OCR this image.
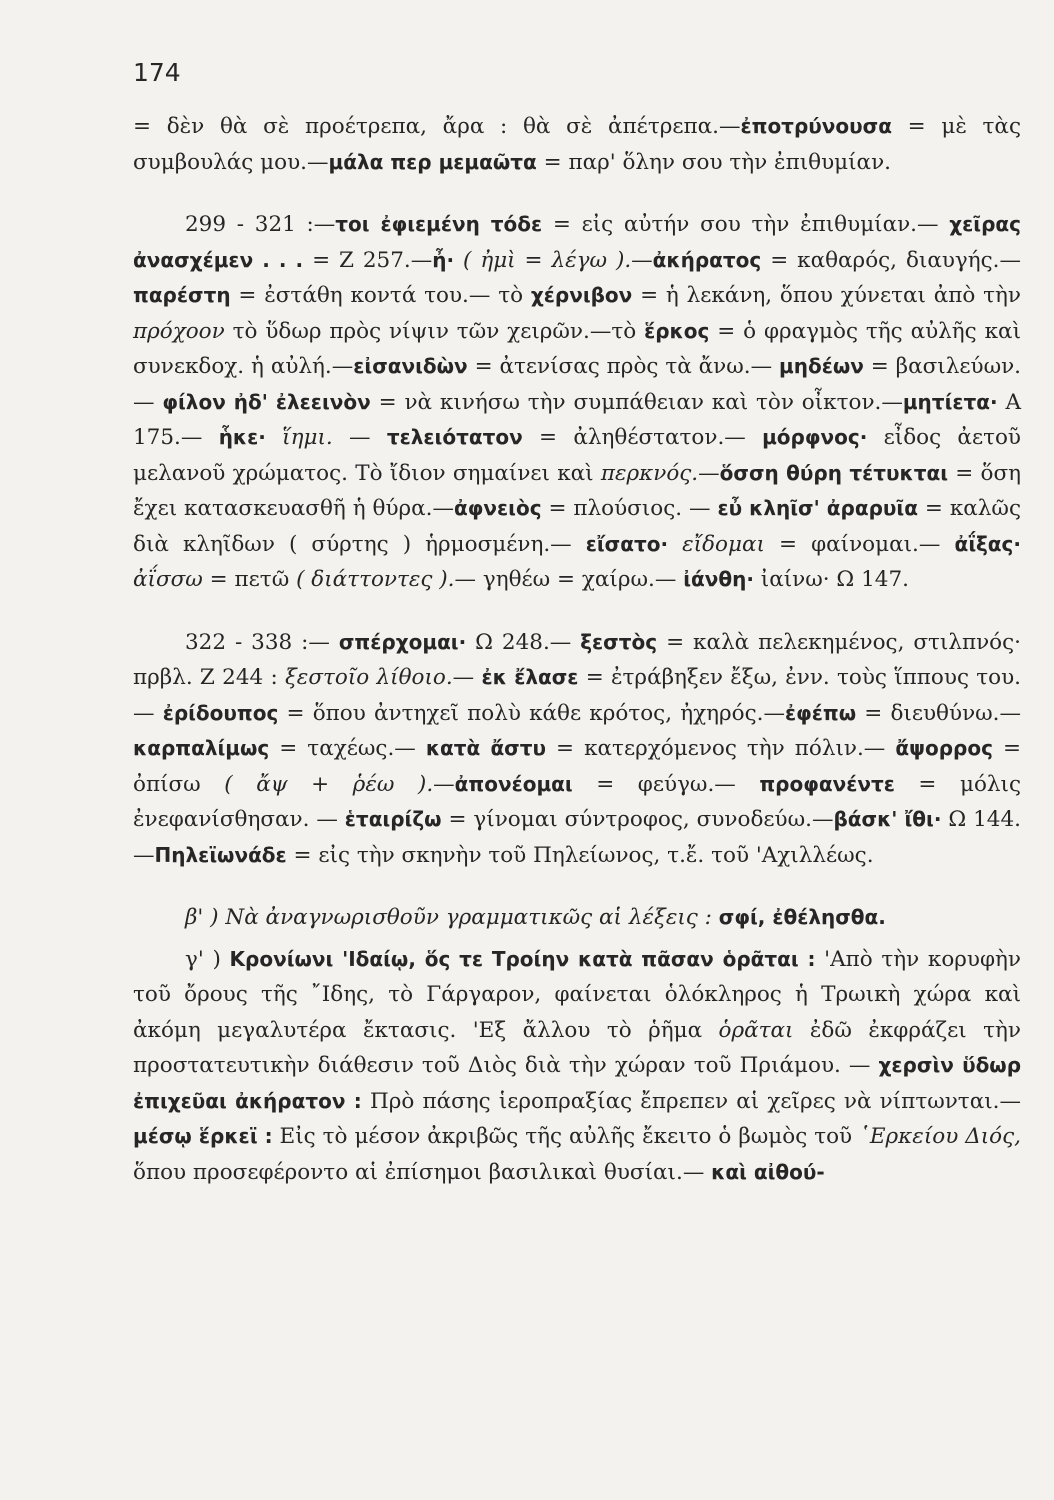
174

= δὲν θὰ σὲ προέτρεπα, ἄρα : θὰ σὲ ἀπέτρεπα.—ἐποτρύνουσα = μὲ τὰς συμβουλάς μου.—μάλα περ μεμαῶτα = παρ' ὅλην σου τὴν ἐπιθυμίαν.

299 - 321 :—τοι ἐφιεμένη τόδε = εἰς αὐτήν σου τὴν ἐπιθυμίαν.— χεῖρας ἀνασχέμεν . . . = Ζ 257.—ἦ· ( ἠμὶ = λέγω ).—ἀκήρατος = καθαρός, διαυγής.— παρέστη = ἐστάθη κοντά του.— τὸ χέρνιβον = ἡ λεκάνη, ὅπου χύνεται ἀπὸ τὴν πρόχοον τὸ ὕδωρ πρὸς νίψιν τῶν χειρῶν.—τὸ ἕρκος = ὁ φραγμὸς τῆς αὐλῆς καὶ συνεκδοχ. ἡ αὐλή.—εἰσανιδὼν = ἀτενίσας πρὸς τὰ ἄνω.— μηδέων = βασιλεύων.— φίλον ἠδ' ἐλεεινὸν = νὰ κινήσω τὴν συμπάθειαν καὶ τὸν οἶκτον.—μητίετα· Α 175.— ἧκε· ἵημι. — τελειότατον = ἀληθέστατον.— μόρφνος· εἶδος ἀετοῦ μελανοῦ χρώματος. Τὸ ἴδιον σημαίνει καὶ περκνός.—ὅσση θύρη τέτυκται = ὅση ἔχει κατασκευασθῆ ἡ θύρα.—ἀφνειὸς = πλούσιος. — εὖ κληῖσ' ἀραρυῖα = καλῶς διὰ κληῖδων ( σύρτης ) ἡρμοσμένη.— εἴσατο· εἴδομαι = φαίνομαι.— ἀΐξας· ἀΐσσω = πετῶ ( διάττοντες ).— γηθέω = χαίρω.— ἰάνθη· ἰαίνω· Ω 147.

322 - 338 :— σπέρχομαι· Ω 248.— ξεστὸς = καλὰ πελεκημένος, στιλπνός· πρβλ. Ζ 244 : ξεστοῖο λίθοιο.— ἐκ ἔλασε = ἐτράβηξεν ἔξω, ἐνν. τοὺς ἵππους του.— ἐρίδουπος = ὅπου ἀντηχεῖ πολὺ κάθε κρότος, ἠχηρός.—ἐφέπω = διευθύνω.— καρπαλίμως = ταχέως.— κατὰ ἄστυ = κατερχόμενος τὴν πόλιν.— ἄψορρος = ὀπίσω ( ἄψ + ῥέω ).—ἀπονέομαι = φεύγω.— προφανέντε = μόλις ἐνεφανίσθησαν. — ἑταιρίζω = γίνομαι σύντροφος, συνοδεύω.—βάσκ' ἴθι· Ω 144.—Πηλεϊωνάδε = εἰς τὴν σκηνὴν τοῦ Πηλείωνος, τ.ἔ. τοῦ 'Αχιλλέως.

β' ) Νὰ ἀναγνωρισθοῦν γραμματικῶς αἱ λέξεις : σφί, ἐθέλησθα.

γ' ) Κρονίωνι 'Ιδαίῳ, ὅς τε Τροίην κατὰ πᾶσαν ὁρᾶται : 'Απὸ τὴν κορυφὴν τοῦ ὄρους τῆς ῎Ιδης, τὸ Γάργαρον, φαίνεται ὁλόκληρος ἡ Τρωικὴ χώρα καὶ ἀκόμη μεγαλυτέρα ἔκτασις. 'Εξ ἄλλου τὸ ῥῆμα ὁρᾶται ἐδῶ ἐκφράζει τὴν προστατευτικὴν διάθεσιν τοῦ Διὸς διὰ τὴν χώραν τοῦ Πριάμου. — χερσὶν ὕδωρ ἐπιχεῦαι ἀκήρατον : Πρὸ πάσης ἱεροπραξίας ἔπρεπεν αἱ χεῖρες νὰ νίπτωνται.— μέσῳ ἕρκεϊ : Εἰς τὸ μέσον ἀκριβῶς τῆς αὐλῆς ἔκειτο ὁ βωμὸς τοῦ ῾Ερκείου Διός, ὅπου προσεφέροντο αἱ ἐπίσημοι βασιλικαὶ θυσίαι.— καὶ αἰθού-
